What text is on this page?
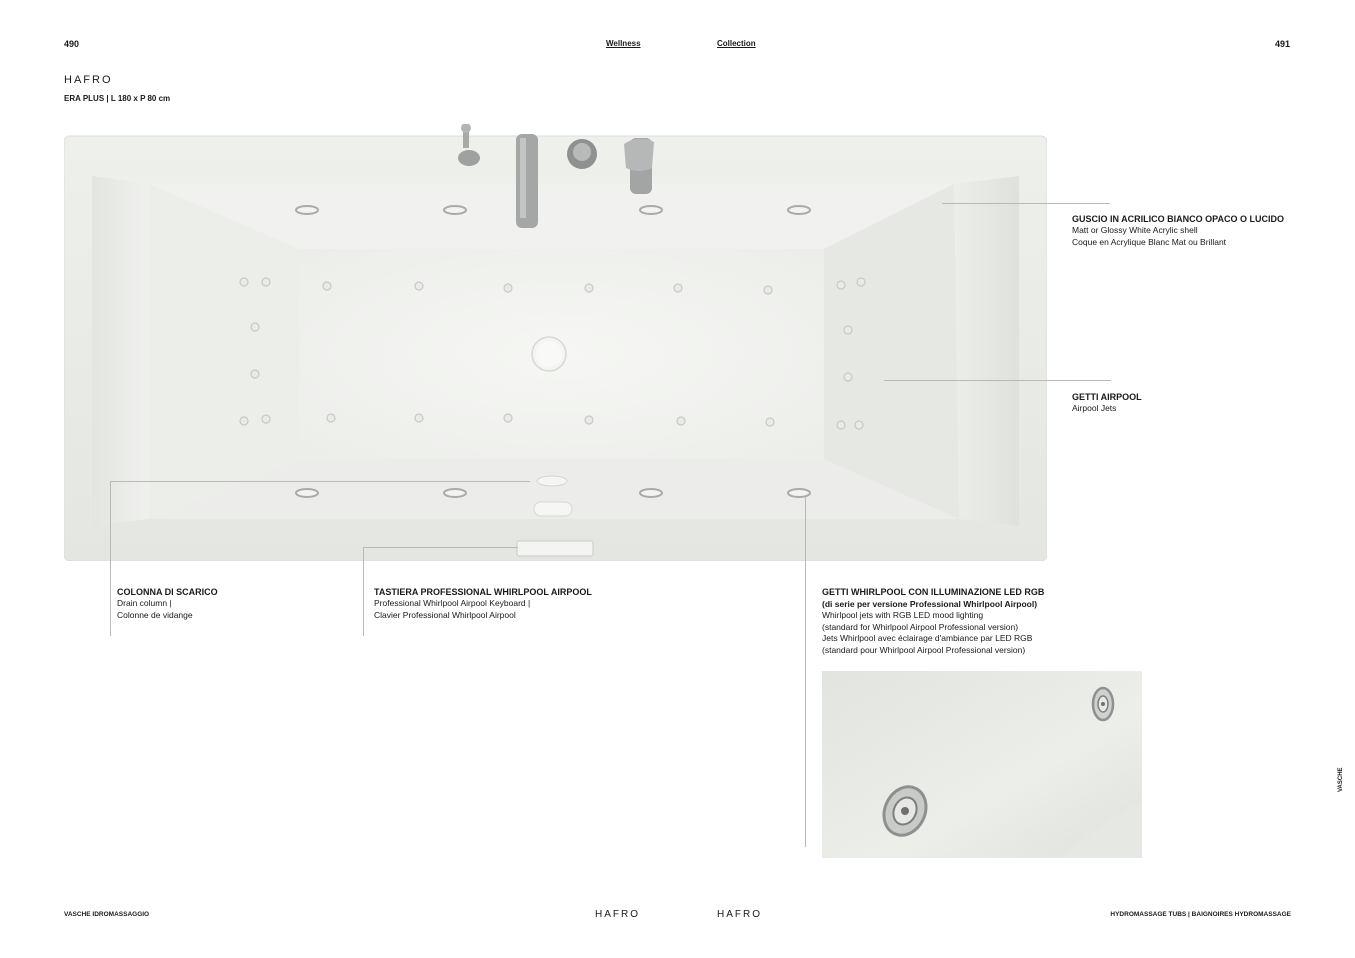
490	Wellness	Collection	491
HAFRO
ERA PLUS | L 180 x P 80 cm
GUSCIO IN ACRILICO BIANCO OPACO O LUCIDO
Matt or Glossy White Acrylic shell
Coque en Acrylique Blanc Mat ou Brillant
GETTI AIRPOOL
Airpool Jets
COLONNA DI SCARICO
Drain column |
Colonne de vidange
TASTIERA PROFESSIONAL WHIRLPOOL AIRPOOL
Professional Whirlpool Airpool Keyboard |
Clavier Professional Whirlpool Airpool
GETTI WHIRLPOOL CON ILLUMINAZIONE LED RGB
(di serie per versione Professional Whirlpool Airpool)
Whirlpool jets with RGB LED mood lighting
(standard for Whirlpool Airpool Professional version)
Jets Whirlpool avec éclairage d'ambiance par LED RGB
(standard pour Whirlpool Airpool Professional version)
VASCHE
VASCHE IDROMASSAGGIO	HAFRO	HAFRO	HYDROMASSAGE TUBS | BAIGNOIRES HYDROMASSAGE
